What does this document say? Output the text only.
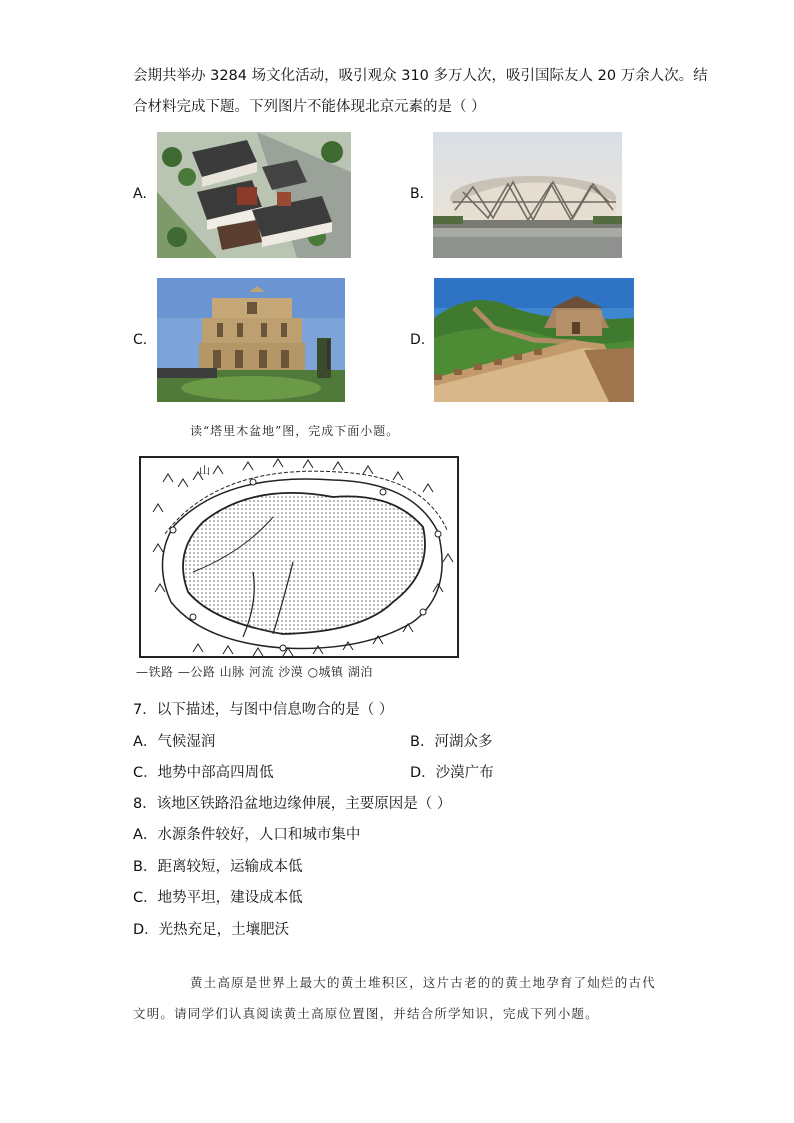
会期共举办 3284 场文化活动，吸引观众 310 多万人次，吸引国际友人 20 万余人次。结
合材料完成下题。下列图片不能体现北京元素的是（ ）
A.	B.
C.	D.
读“塔里木盆地”图，完成下面小题。
山
—铁路 —公路 山脉 河流 沙漠 ○城镇 湖泊
7．以下描述，与图中信息吻合的是（ ）
A．气候湿润	B．河湖众多
C．地势中部高四周低	D．沙漠广布
8．该地区铁路沿盆地边缘伸展，主要原因是（ ）
A．水源条件较好，人口和城市集中
B．距离较短，运输成本低
C．地势平坦，建设成本低
D．光热充足，土壤肥沃
黄土高原是世界上最大的黄土堆积区，这片古老的的黄土地孕育了灿烂的古代
文明。请同学们认真阅读黄土高原位置图，并结合所学知识，完成下列小题。
